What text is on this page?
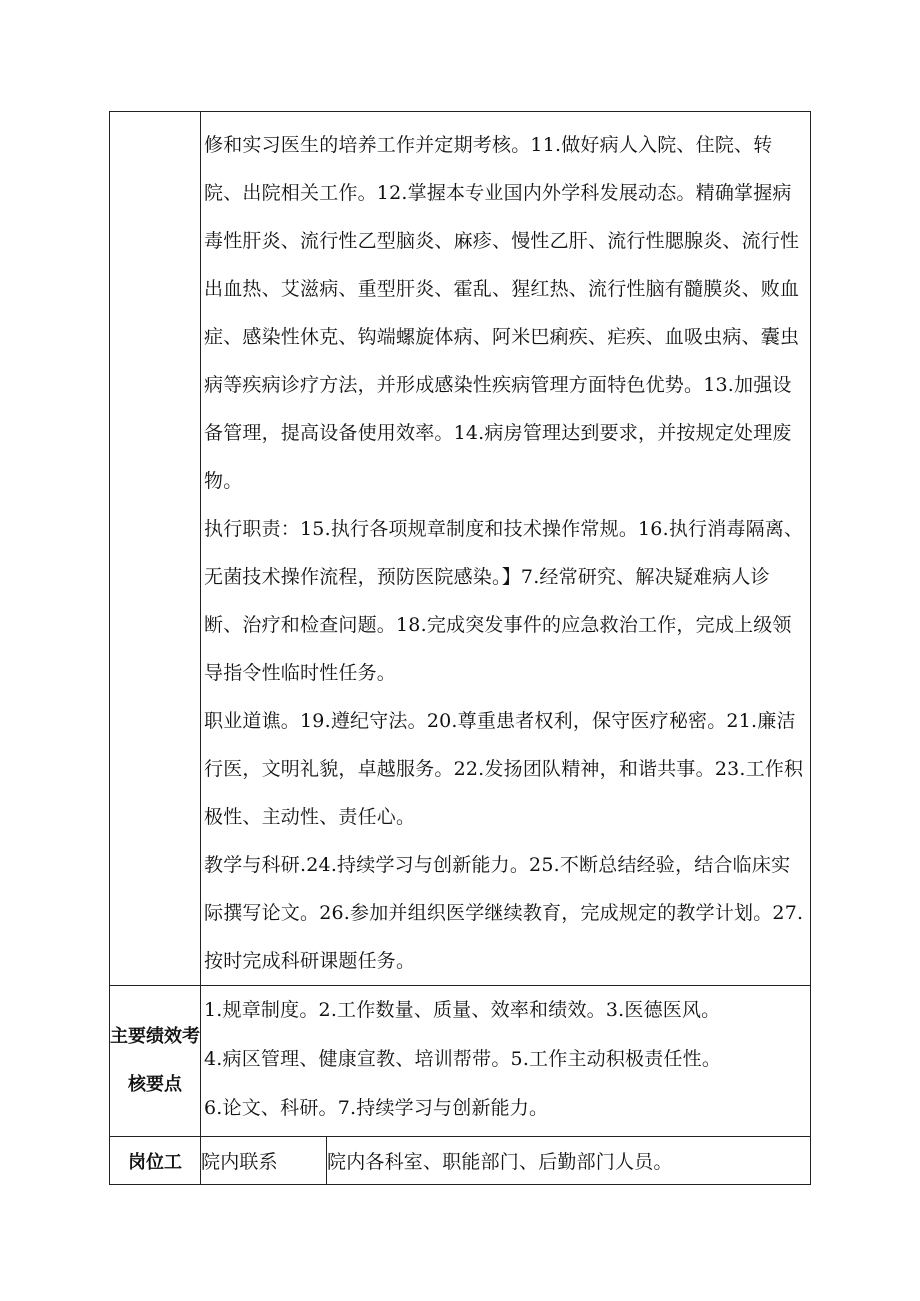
	修和实习医生的培养工作并定期考核。11.做好病人入院、住院、转院、出院相关工作。12.掌握本专业国内外学科发展动态。精确掌握病毒性肝炎、流行性乙型脑炎、麻疹、慢性乙肝、流行性腮腺炎、流行性出血热、艾滋病、重型肝炎、霍乱、猩红热、流行性脑有髓膜炎、败血症、感染性休克、钩端螺旋体病、阿米巴痢疾、疟疾、血吸虫病、囊虫病等疾病诊疗方法，并形成感染性疾病管理方面特色优势。13.加强设备管理，提高设备使用效率。14.病房管理达到要求，并按规定处理废物。
执行职责：15.执行各项规章制度和技术操作常规。16.执行消毒隔离、无菌技术操作流程，预防医院感染。】7.经常研究、解决疑难病人诊断、治疗和检查问题。18.完成突发事件的应急救治工作，完成上级领导指令性临时性任务。
职业道谯。19.遵纪守法。20.尊重患者权利，保守医疗秘密。21.廉洁行医，文明礼貌，卓越服务。22.发扬团队精神，和谐共事。23.工作积极性、主动性、责任心。
教学与科研.24.持续学习与创新能力。25.不断总结经验，结合临床实际撰写论文。26.参加并组织医学继续教育，完成规定的教学计划。27.按时完成科研课题任务。	

主要绩效考核要点	1.规章制度。2.工作数量、质量、效率和绩效。3.医德医风。
4.病区管理、健康宣教、培训帮带。5.工作主动积极责任性。
6.论文、科研。7.持续学习与创新能力。	

岗位工	院内联系	院内各科室、职能部门、后勤部门人员。
